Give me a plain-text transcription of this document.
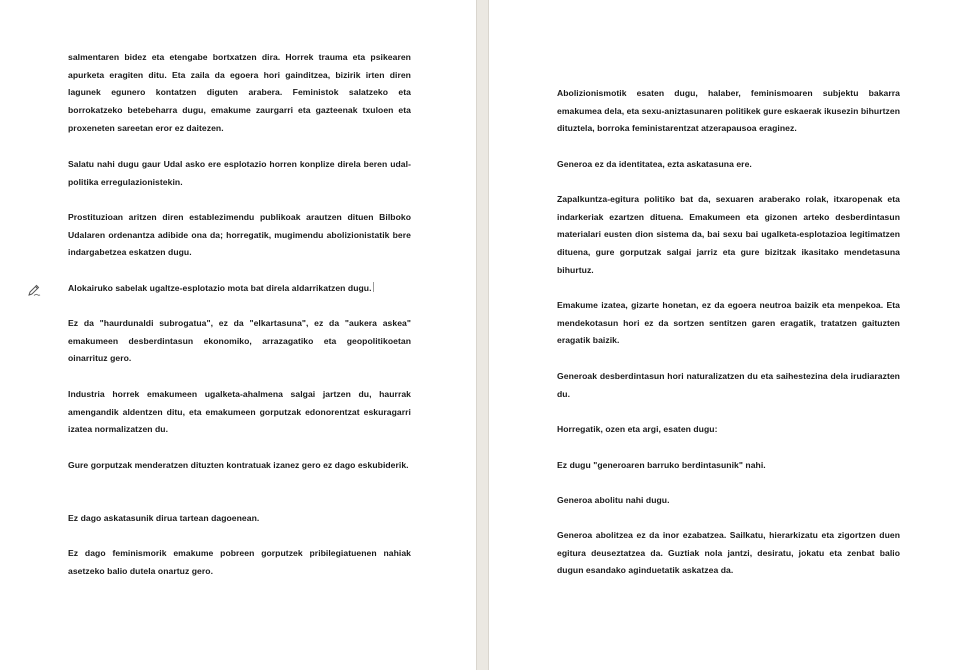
salmentaren bidez eta etengabe bortxatzen dira. Horrek trauma eta psikearen apurketa eragiten ditu. Eta zaila da egoera hori gainditzea, bizirik irten diren lagunek egunero kontatzen diguten arabera. Feministok salatzeko eta borrokatzeko betebeharra dugu, emakume zaurgarri eta gazteenak txuloen eta proxeneten sareetan eror ez daitezen.

Salatu nahi dugu gaur Udal asko ere esplotazio horren konplize direla beren udal-politika erregulazionistekin.

Prostituzioan aritzen diren establezimendu publikoak arautzen dituen Bilboko Udalaren ordenantza adibide ona da; horregatik, mugimendu abolizionistatik bere indargabetzea eskatzen dugu.

Alokairuko sabelak ugaltze-esplotazio mota bat direla aldarrikatzen dugu.

Ez da "haurdunaldi subrogatua", ez da "elkartasuna", ez da "aukera askea" emakumeen desberdintasun ekonomiko, arrazagatiko eta geopolitikoetan oinarrituz gero.

Industria horrek emakumeen ugalketa-ahalmena salgai jartzen du, haurrak amengandik aldentzen ditu, eta emakumeen gorputzak edonorentzat eskuragarri izatea normalizatzen du.

Gure gorputzak menderatzen dituzten kontratuak izanez gero ez dago eskubiderik.

Ez dago askatasunik dirua tartean dagoenean.

Ez dago feminismorik emakume pobreen gorputzek pribilegiatuenen nahiak asetzeko balio dutela onartuz gero.

Abolizionismotik esaten dugu, halaber, feminismoaren subjektu bakarra emakumea dela, eta sexu-aniztasunaren politikek gure eskaerak ikusezin bihurtzen dituztela, borroka feministarentzat atzerapausoa eraginez.

Generoa ez da identitatea, ezta askatasuna ere.

Zapalkuntza-egitura politiko bat da, sexuaren araberako rolak, itxaropenak eta indarkeriak ezartzen dituena. Emakumeen eta gizonen arteko desberdintasun materialari eusten dion sistema da, bai sexu bai ugalketa-esplotazioa legitimatzen dituena, gure gorputzak salgai jarriz eta gure bizitzak ikasitako mendetasuna bihurtuz.

Emakume izatea, gizarte honetan, ez da egoera neutroa baizik eta menpekoa. Eta mendekotasun hori ez da sortzen sentitzen garen eragatik, tratatzen gaituzten eragatik baizik.

Generoak desberdintasun hori naturalizatzen du eta saihestezina dela irudiarazten du.

Horregatik, ozen eta argi, esaten dugu:

Ez dugu "generoaren barruko berdintasunik" nahi.

Generoa abolitu nahi dugu.

Generoa abolitzea ez da inor ezabatzea. Sailkatu, hierarkizatu eta zigortzen duen egitura deuseztatzea da. Guztiak nola jantzi, desiratu, jokatu eta zenbat balio dugun esandako aginduetatik askatzea da.
